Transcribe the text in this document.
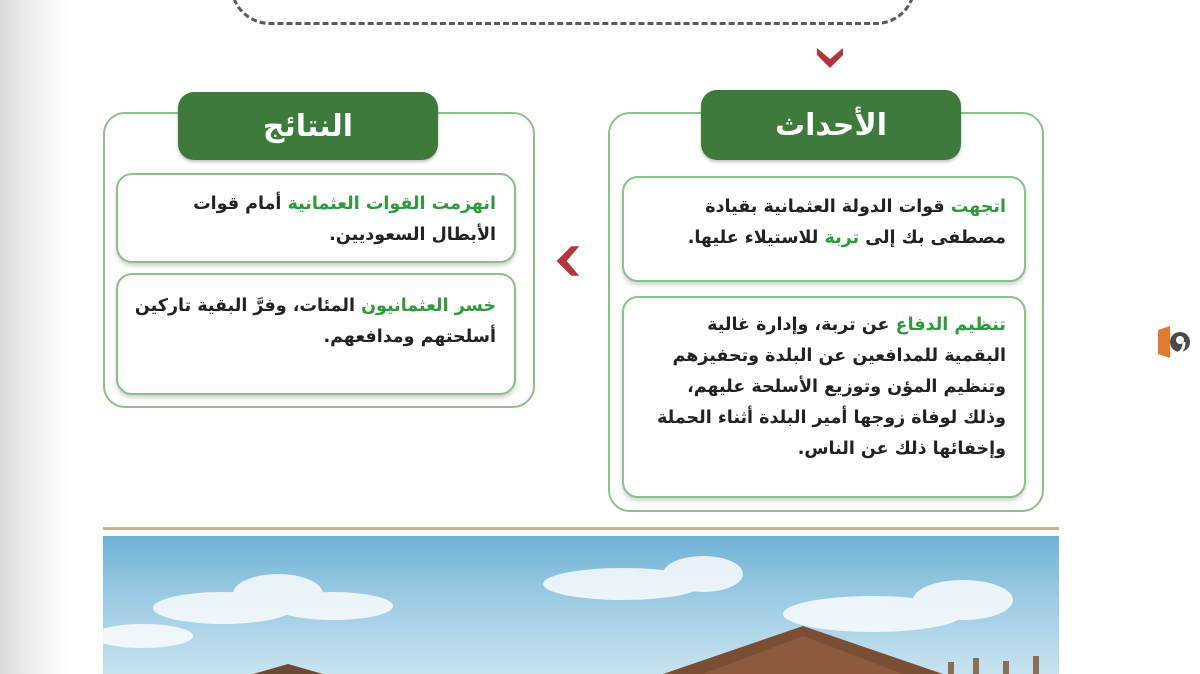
الأحداث
اتجهت قوات الدولة العثمانية بقيادة مصطفى بك إلى تربة للاستيلاء عليها.
تنظيم الدفاع عن تربة، وإدارة غالية البقمية للمدافعين عن البلدة وتحفيزهم وتنظيم المؤن وتوزيع الأسلحة عليهم، وذلك لوفاة زوجها أمير البلدة أثناء الحملة وإخفائها ذلك عن الناس.
النتائج
انهزمت القوات العثمانية أمام قوات الأبطال السعوديين.
خسر العثمانيون المئات، وفرَّ البقية تاركين أسلحتهم ومدافعهم.
